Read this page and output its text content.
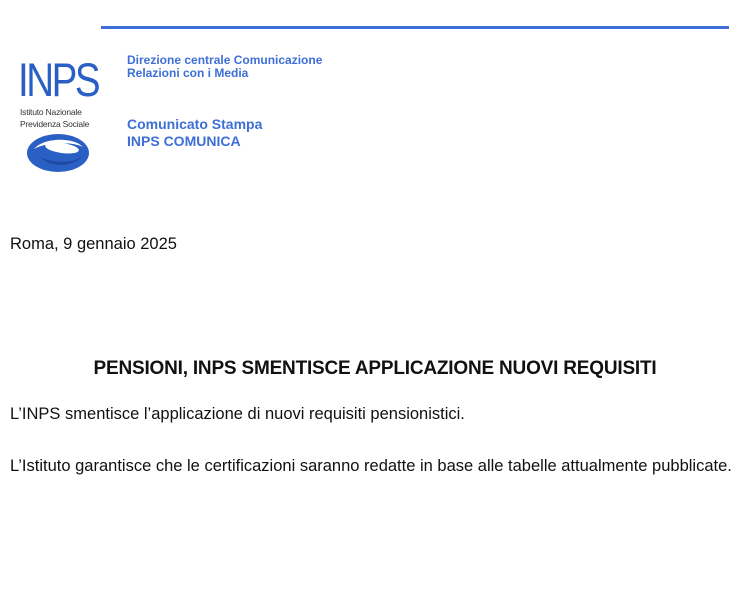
INPS
Istituto Nazionale
Previdenza Sociale
Direzione centrale Comunicazione
Relazioni con i Media
Comunicato Stampa
INPS COMUNICA
Roma, 9 gennaio 2025
PENSIONI, INPS SMENTISCE APPLICAZIONE NUOVI REQUISITI
L’INPS smentisce l’applicazione di nuovi requisiti pensionistici.
L’Istituto garantisce che le certificazioni saranno redatte in base alle tabelle attualmente pubblicate.
